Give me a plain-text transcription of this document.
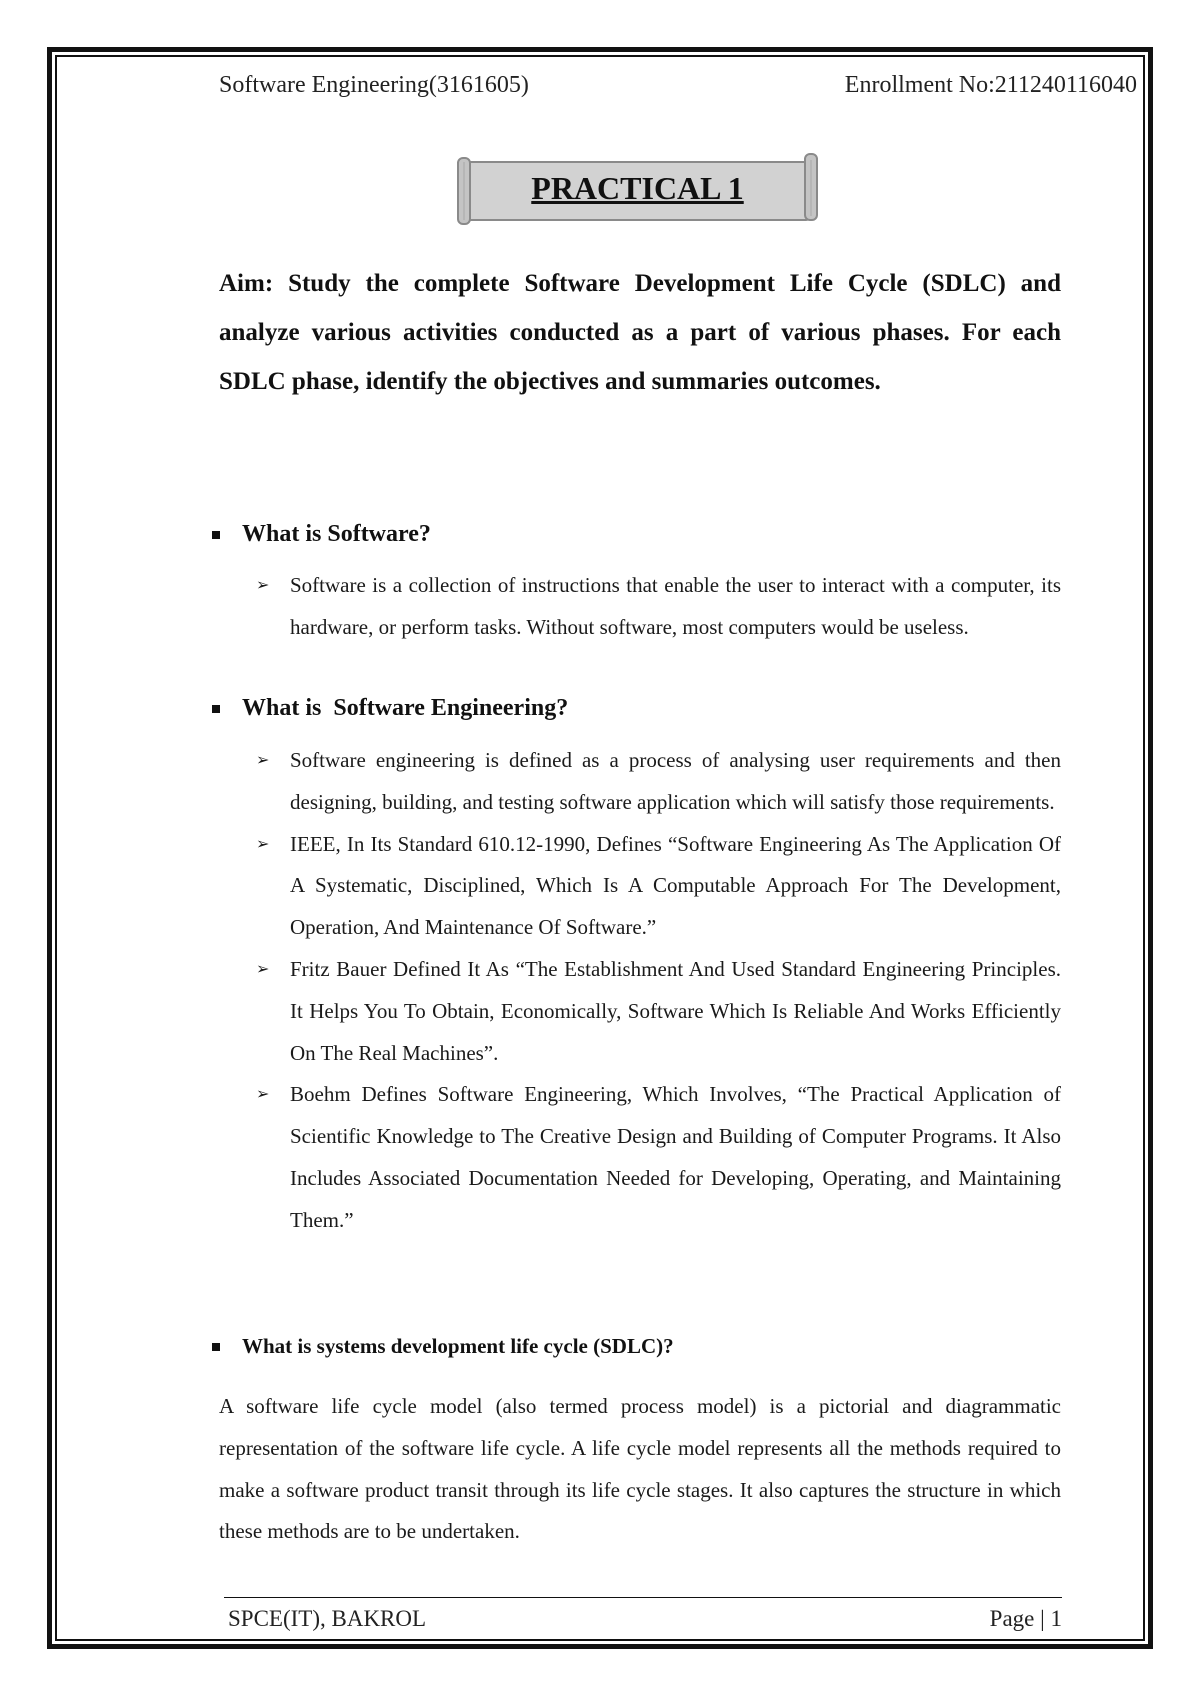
Software Engineering(3161605)	Enrollment No:211240116040
PRACTICAL 1
Aim: Study the complete Software Development Life Cycle (SDLC) and analyze various activities conducted as a part of various phases. For each SDLC phase, identify the objectives and summaries outcomes.
What is Software?
➢ Software is a collection of instructions that enable the user to interact with a computer, its hardware, or perform tasks. Without software, most computers would be useless.
What is  Software Engineering?
➢ Software engineering is defined as a process of analysing user requirements and then designing, building, and testing software application which will satisfy those requirements.
➢ IEEE, In Its Standard 610.12-1990, Defines “Software Engineering As The Application Of A Systematic, Disciplined, Which Is A Computable Approach For The Development, Operation, And Maintenance Of Software.”
➢ Fritz Bauer Defined It As “The Establishment And Used Standard Engineering Principles. It Helps You To Obtain, Economically, Software Which Is Reliable And Works Efficiently On The Real Machines”.
➢ Boehm Defines Software Engineering, Which Involves, “The Practical Application of Scientific Knowledge to The Creative Design and Building of Computer Programs. It Also Includes Associated Documentation Needed for Developing, Operating, and Maintaining Them.”
What is systems development life cycle (SDLC)?
A software life cycle model (also termed process model) is a pictorial and diagrammatic representation of the software life cycle. A life cycle model represents all the methods required to make a software product transit through its life cycle stages. It also captures the structure in which these methods are to be undertaken.
SPCE(IT), BAKROL	Page | 1
